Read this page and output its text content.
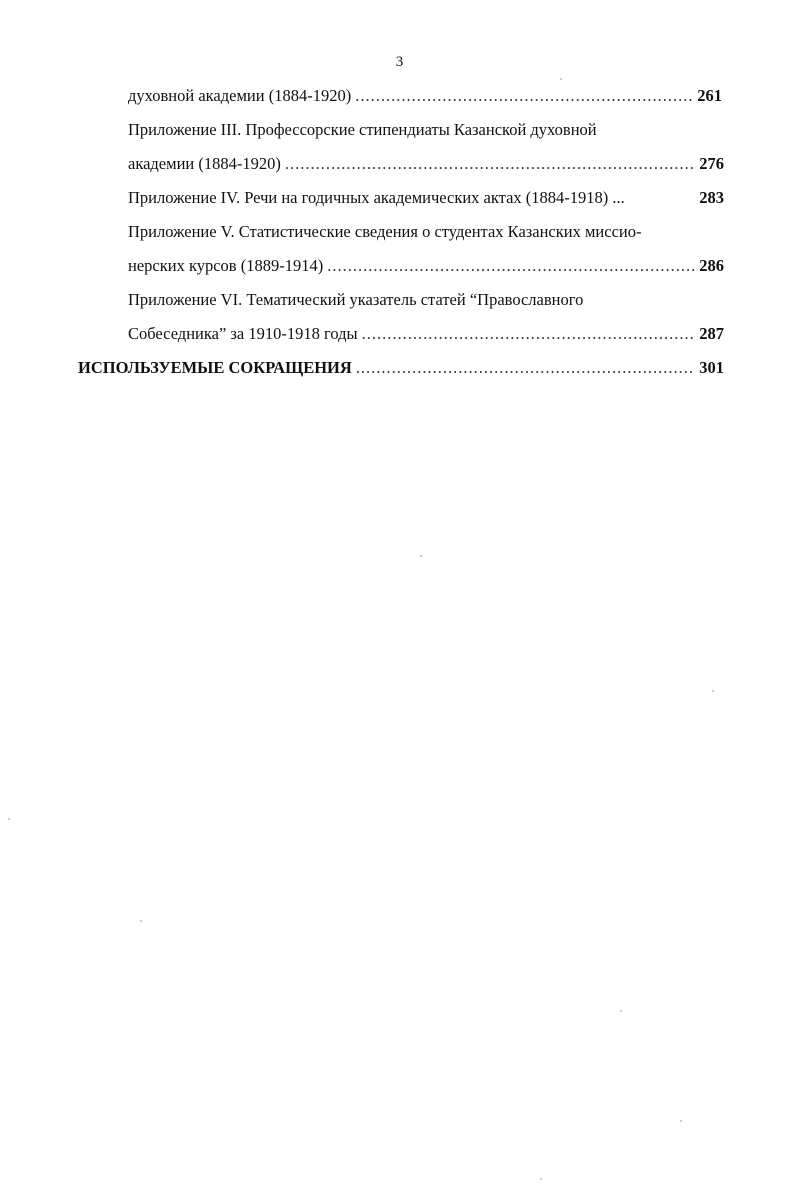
3
духовной академии (1884-1920) .....	261
Приложение III. Профессорские стипендиаты Казанской духовной
академии (1884-1920) .....	276
Приложение IV. Речи на годичных академических актах (1884-1918) ...	283
Приложение V. Статистические сведения о студентах Казанских миссио-
нерских курсов (1889-1914) .....	286
Приложение VI. Тематический указатель статей “Православного
Собеседника” за 1910-1918 годы .....	287
ИСПОЛЬЗУЕМЫЕ СОКРАЩЕНИЯ .....	301
